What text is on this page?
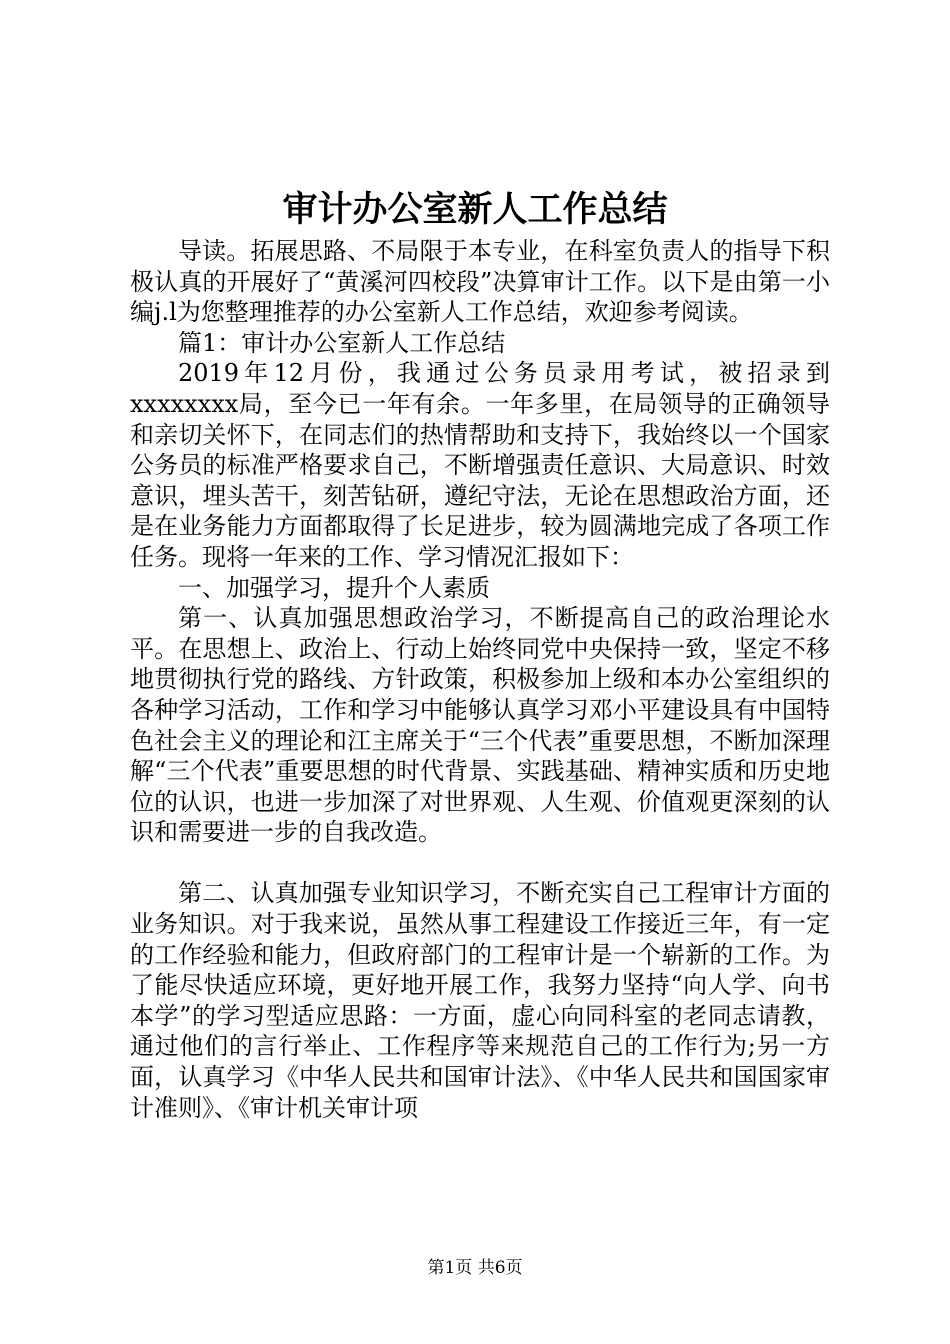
审计办公室新人工作总结

导读。拓展思路、不局限于本专业，在科室负责人的指导下积极认真的开展好了“黄溪河四校段”决算审计工作。以下是由第一小编j.l为您整理推荐的办公室新人工作总结，欢迎参考阅读。

篇1：审计办公室新人工作总结

2019年12月份，我通过公务员录用考试，被招录到xxxxxxxx局，至今已一年有余。一年多里，在局领导的正确领导和亲切关怀下，在同志们的热情帮助和支持下，我始终以一个国家公务员的标准严格要求自己，不断增强责任意识、大局意识、时效意识，埋头苦干，刻苦钻研，遵纪守法，无论在思想政治方面，还是在业务能力方面都取得了长足进步，较为圆满地完成了各项工作任务。现将一年来的工作、学习情况汇报如下：

一、加强学习，提升个人素质

第一、认真加强思想政治学习，不断提高自己的政治理论水平。在思想上、政治上、行动上始终同党中央保持一致，坚定不移地贯彻执行党的路线、方针政策，积极参加上级和本办公室组织的各种学习活动，工作和学习中能够认真学习邓小平建设具有中国特色社会主义的理论和江主席关于“三个代表”重要思想，不断加深理解“三个代表”重要思想的时代背景、实践基础、精神实质和历史地位的认识，也进一步加深了对世界观、人生观、价值观更深刻的认识和需要进一步的自我改造。

第二、认真加强专业知识学习，不断充实自己工程审计方面的业务知识。对于我来说，虽然从事工程建设工作接近三年，有一定的工作经验和能力，但政府部门的工程审计是一个崭新的工作。为了能尽快适应环境，更好地开展工作，我努力坚持“向人学、向书本学”的学习型适应思路：一方面，虚心向同科室的老同志请教，通过他们的言行举止、工作程序等来规范自己的工作行为;另一方面，认真学习《中华人民共和国审计法》、《中华人民共和国国家审计准则》、《审计机关审计项

第1页 共6页
